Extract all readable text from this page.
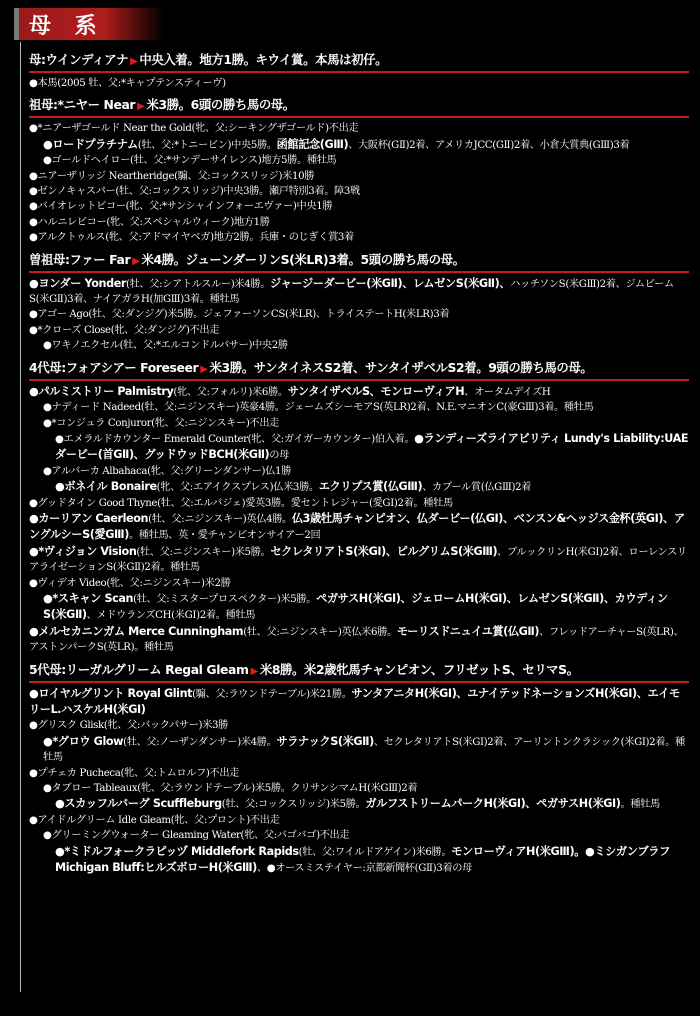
母 系
母:ウインディアナ ▶ 中央入着。地方1勝。キウイ賞。本馬は初仔。
●本馬(2005 牡、父:*キャプテンスティーヴ)
祖母:*ニヤー Near ▶ 米3勝。6頭の勝ち馬の母。
●*ニアーザゴールド Near the Gold(牝、父:シーキングザゴールド)不出走
●ロードプラチナム(牡、父:*トニービン)中央5勝。函館記念(GⅢ)、大阪杯(GⅡ)2着、アメリカJCC(GⅡ)2着、小倉大賞典(GⅢ)3着
●ゴールドヘイロー(牡、父:*サンデーサイレンス)地方5勝。種牡馬
●ニアーザリッジ Neartheridge(騸、父:コックスリッジ)米10勝
●ゼンノキャスパー(牡、父:コックスリッジ)中央3勝。瀬戸特別3着。障3戦
●バイオレットビコー(牝、父:*サンシャインフォーエヴァー)中央1勝
●ハルニレビコー(牝、父:スペシャルウィーク)地方1勝
●アルクトゥルス(牝、父:アドマイヤベガ)地方2勝。兵庫・のじぎく賞3着
曽祖母:ファー Far ▶ 米4勝。ジューンダーリンS(米LR)3着。5頭の勝ち馬の母。
●ヨンダー Yonder(牡、父:シアトルスルー)米4勝。ジャージーダービー(米GⅡ)、レムゼンS(米GⅡ)、ハッチソンS(米GⅢ)2着、ジムビームS(米GⅡ)3着、ナイアガラH(加GⅢ)3着。種牡馬
●アゴー Ago(牡、父:ダンジグ)米5勝。ジェファーソンCS(米LR)、トライステートH(米LR)3着
●*クローズ Close(牝、父:ダンジグ)不出走
●ワキノエクセル(牡、父:*エルコンドルパサー)中央2勝
4代母:フォアシアー Foreseer ▶ 米3勝。サンタイネスS2着、サンタイザベルS2着。9頭の勝ち馬の母。
●パルミストリー Palmistry(牝、父:フォルリ)米6勝。サンタイザベルS、モンローヴィアH、オータムデイズH
●ナディード Nadeed(牡、父:ニジンスキー)英豪4勝。ジェームズシーモアS(英LR)2着、N.E.マニオンC(豪GⅢ)3着。種牡馬
●*コンジュラ Conjuror(牝、父:ニジンスキー)不出走
●エメラルドカウンター Emerald Counter(牝、父:ガイガーカウンター)伯入着。●ランディーズライアビリティ Lundy's Liability:UAEダービー(首GⅡ)、グッドウッドBCH(米GⅡ)の母
●アルバーカ Albahaca(牝、父:グリーンダンサー)仏1勝
●ボネイル Bonaire(牝、父:エアイクスプレス)仏米3勝。エクリプス賞(仏GⅢ)、カブール賞(仏GⅢ)2着
●グッドタイン Good Thyne(牡、父:エルバジェ)愛英3勝。愛セントレジャー(愛GⅠ)2着。種牡馬
●カーリアン Caerleon(牡、父:ニジンスキー)英仏4勝。仏3歳牡馬チャンピオン、仏ダービー(仏GⅠ)、ベンスン&ヘッジス金杯(英GⅠ)、アングルシーS(愛GⅢ)。種牡馬、英・愛チャンピオンサイアー2回
●*ヴィジョン Vision(牡、父:ニジンスキー)米5勝。セクレタリアトS(米GⅠ)、ピルグリムS(米GⅢ)、ブルックリンH(米GⅠ)2着、ローレンスリアライゼーションS(米GⅡ)2着。種牡馬
●ヴィデオ Video(牝、父:ニジンスキー)米2勝
●*スキャン Scan(牡、父:ミスタープロスペクター)米5勝。ペガサスH(米GⅠ)、ジェロームH(米GⅠ)、レムゼンS(米GⅡ)、カウディンS(米GⅡ)、メドウランズCH(米GⅠ)2着。種牡馬
●メルセカニンガム Merce Cunningham(牡、父:ニジンスキー)英仏米6勝。モーリスドニュイユ賞(仏GⅡ)、フレッドアーチャーS(英LR)、アストンパークS(英LR)。種牡馬
5代母:リーガルグリーム Regal Gleam ▶ 米8勝。米2歳牝馬チャンピオン、フリゼットS、セリマS。
●ロイヤルグリント Royal Glint(騸、父:ラウンドテーブル)米21勝。サンタアニタH(米GⅠ)、ユナイテッドネーションズH(米GⅠ)、エイモリーL.ハスケルH(米GⅠ)
●グリスク Glisk(牝、父:バックパサー)米3勝
●*グロウ Glow(牡、父:ノーザンダンサー)米4勝。サラナックS(米GⅡ)、セクレタリアトS(米GⅠ)2着、アーリントンクラシック(米GⅠ)2着。種牡馬
●プチェカ Pucheca(牝、父:トムロルフ)不出走
●タブロー Tableaux(牝、父:ラウンドテーブル)米5勝。クリサンシマムH(米GⅢ)2着
●スカッフルバーグ Scuffleburg(牡、父:コックスリッジ)米5勝。ガルフストリームパークH(米GⅠ)、ペガサスH(米GⅠ)。種牡馬
●アイドルグリーム Idle Gleam(牝、父:プロント)不出走
●グリーミングウォーター Gleaming Water(牝、父:バゴバゴ)不出走
●*ミドルフォークラピッヅ Middlefork Rapids(牡、父:ワイルドアゲイン)米6勝。モンローヴィアH(米GⅢ)。●ミシガンブラフ Michigan Bluff:ヒルズボローH(米GⅢ)、●オースミステイヤー:京都新聞杯(GⅡ)3着の母
